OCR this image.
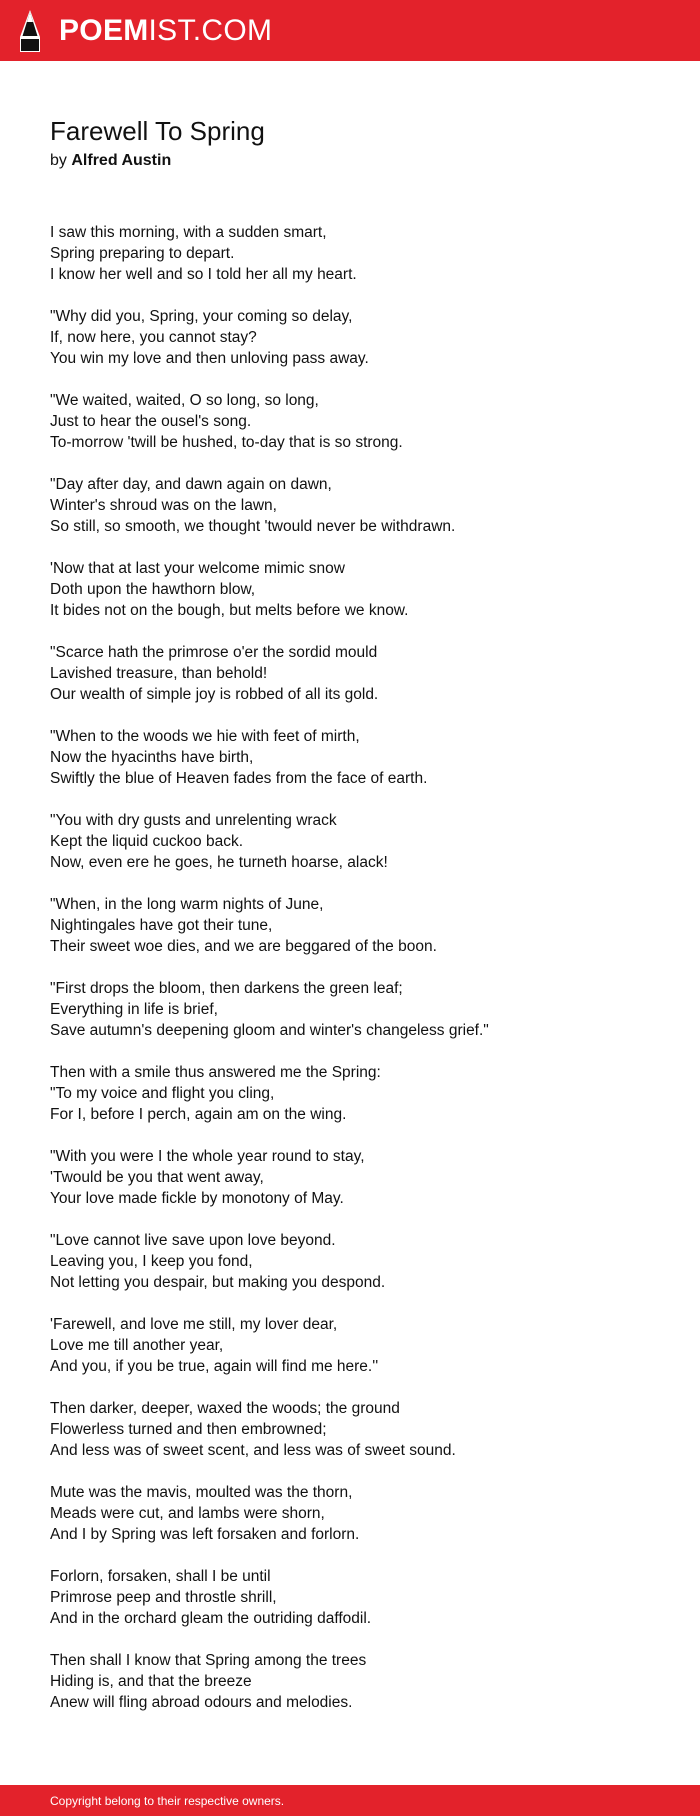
POEMIST.COM
Farewell To Spring
by Alfred Austin
I saw this morning, with a sudden smart,
Spring preparing to depart.
I know her well and so I told her all my heart.
"Why did you, Spring, your coming so delay,
If, now here, you cannot stay?
You win my love and then unloving pass away.
"We waited, waited, O so long, so long,
Just to hear the ousel's song.
To-morrow 'twill be hushed, to-day that is so strong.
"Day after day, and dawn again on dawn,
Winter's shroud was on the lawn,
So still, so smooth, we thought 'twould never be withdrawn.
'Now that at last your welcome mimic snow
Doth upon the hawthorn blow,
It bides not on the bough, but melts before we know.
"Scarce hath the primrose o'er the sordid mould
Lavished treasure, than behold!
Our wealth of simple joy is robbed of all its gold.
"When to the woods we hie with feet of mirth,
Now the hyacinths have birth,
Swiftly the blue of Heaven fades from the face of earth.
"You with dry gusts and unrelenting wrack
Kept the liquid cuckoo back.
Now, even ere he goes, he turneth hoarse, alack!
"When, in the long warm nights of June,
Nightingales have got their tune,
Their sweet woe dies, and we are beggared of the boon.
"First drops the bloom, then darkens the green leaf;
Everything in life is brief,
Save autumn's deepening gloom and winter's changeless grief."
Then with a smile thus answered me the Spring:
"To my voice and flight you cling,
For I, before I perch, again am on the wing.
"With you were I the whole year round to stay,
'Twould be you that went away,
Your love made fickle by monotony of May.
"Love cannot live save upon love beyond.
Leaving you, I keep you fond,
Not letting you despair, but making you despond.
'Farewell, and love me still, my lover dear,
Love me till another year,
And you, if you be true, again will find me here.''
Then darker, deeper, waxed the woods; the ground
Flowerless turned and then embrowned;
And less was of sweet scent, and less was of sweet sound.
Mute was the mavis, moulted was the thorn,
Meads were cut, and lambs were shorn,
And I by Spring was left forsaken and forlorn.
Forlorn, forsaken, shall I be until
Primrose peep and throstle shrill,
And in the orchard gleam the outriding daffodil.
Then shall I know that Spring among the trees
Hiding is, and that the breeze
Anew will fling abroad odours and melodies.
Copyright belong to their respective owners.
